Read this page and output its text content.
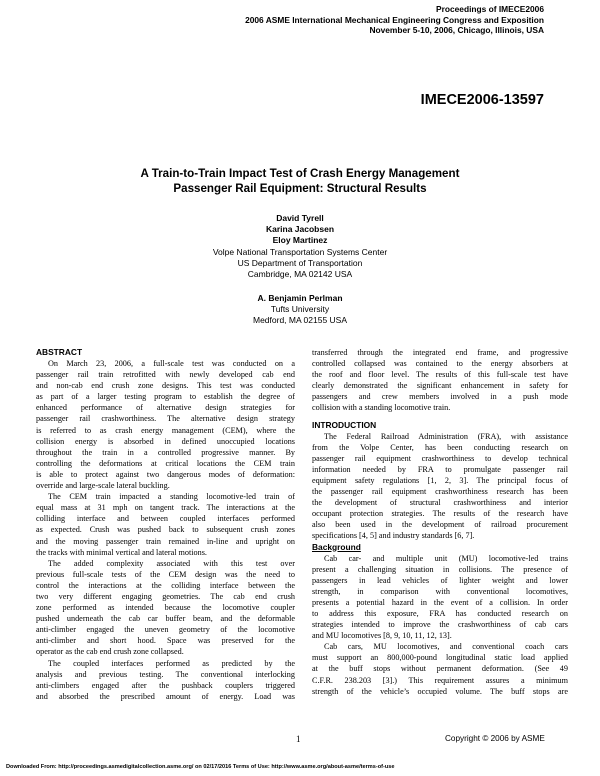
Proceedings of IMECE2006
2006 ASME International Mechanical Engineering Congress and Exposition
November 5-10, 2006, Chicago, Illinois, USA
IMECE2006-13597
A Train-to-Train Impact Test of Crash Energy Management
Passenger Rail Equipment: Structural Results
David Tyrell
Karina Jacobsen
Eloy Martinez
Volpe National Transportation Systems Center
US Department of Transportation
Cambridge, MA 02142 USA
A. Benjamin Perlman
Tufts University
Medford, MA 02155 USA
ABSTRACT
On March 23, 2006, a full-scale test was conducted on a
passenger rail train retrofitted with newly developed cab end
and non-cab end crush zone designs. This test was conducted
as part of a larger testing program to establish the degree of
enhanced performance of alternative design strategies for
passenger rail crashworthiness. The alternative design strategy
is referred to as crash energy management (CEM), where the
collision energy is absorbed in defined unoccupied locations
throughout the train in a controlled progressive manner. By
controlling the deformations at critical locations the CEM train
is able to protect against two dangerous modes of deformation:
override and large-scale lateral buckling.
The CEM train impacted a standing locomotive-led train of
equal mass at 31 mph on tangent track. The interactions at the
colliding interface and between coupled interfaces performed
as expected. Crush was pushed back to subsequent crush zones
and the moving passenger train remained in-line and upright on
the tracks with minimal vertical and lateral motions.
The added complexity associated with this test over
previous full-scale tests of the CEM design was the need to
control the interactions at the colliding interface between the
two very different engaging geometries. The cab end crush
zone performed as intended because the locomotive coupler
pushed underneath the cab car buffer beam, and the deformable
anti-climber engaged the uneven geometry of the locomotive
anti-climber and short hood. Space was preserved for the
operator as the cab end crush zone collapsed.
The coupled interfaces performed as predicted by the
analysis and previous testing. The conventional interlocking
anti-climbers engaged after the pushback couplers triggered
and absorbed the prescribed amount of energy. Load was
transferred through the integrated end frame, and progressive
controlled collapsed was contained to the energy absorbers at
the roof and floor level. The results of this full-scale test have
clearly demonstrated the significant enhancement in safety for
passengers and crew members involved in a push mode
collision with a standing locomotive train.
INTRODUCTION
The Federal Railroad Administration (FRA), with assistance
from the Volpe Center, has been conducting research on
passenger rail equipment crashworthiness to develop technical
information needed by FRA to promulgate passenger rail
equipment safety regulations [1, 2, 3]. The principal focus of
the passenger rail equipment crashworthiness research has been
the development of structural crashworthiness and interior
occupant protection strategies. The results of the research have
also been used in the development of railroad procurement
specifications [4, 5] and industry standards [6, 7].
Background
Cab car- and multiple unit (MU) locomotive-led trains
present a challenging situation in collisions. The presence of
passengers in lead vehicles of lighter weight and lower
strength, in comparison with conventional locomotives,
presents a potential hazard in the event of a collision. In order
to address this exposure, FRA has conducted research on
strategies intended to improve the crashworthiness of cab cars
and MU locomotives [8, 9, 10, 11, 12, 13].
Cab cars, MU locomotives, and conventional coach cars
must support an 800,000-pound longitudinal static load applied
at the buff stops without permanent deformation. (See 49
C.F.R. 238.203 [3].) This requirement assures a minimum
strength of the vehicle’s occupied volume. The buff stops are
1	Copyright © 2006 by ASME
Downloaded From: http://proceedings.asmedigitalcollection.asme.org/ on 02/17/2016 Terms of Use: http://www.asme.org/about-asme/terms-of-use
